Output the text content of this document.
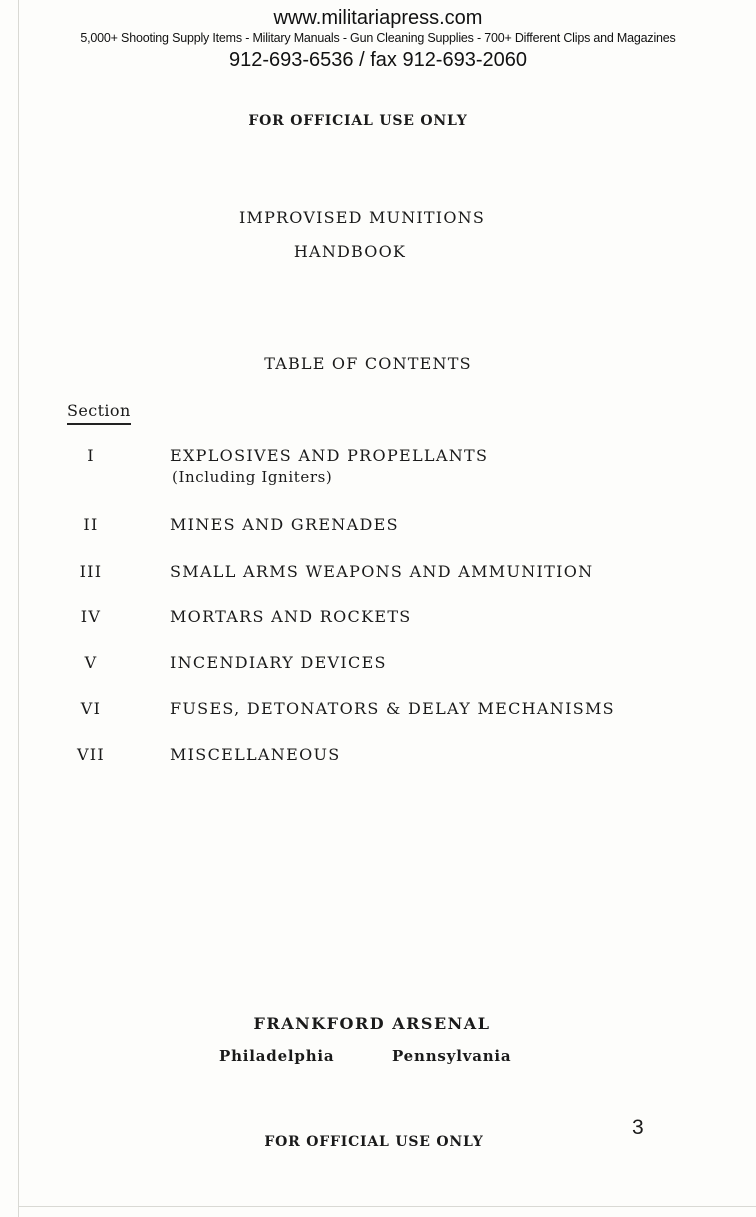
www.militariapress.com
5,000+ Shooting Supply Items - Military Manuals - Gun Cleaning Supplies - 700+ Different Clips and Magazines
912-693-6536 / fax 912-693-2060
FOR OFFICIAL USE ONLY
IMPROVISED MUNITIONS
HANDBOOK
TABLE OF CONTENTS
Section
I	EXPLOSIVES AND PROPELLANTS
(Including Igniters)
II	MINES AND GRENADES
III	SMALL ARMS WEAPONS AND AMMUNITION
IV	MORTARS AND ROCKETS
V	INCENDIARY DEVICES
VI	FUSES, DETONATORS & DELAY MECHANISMS
VII	MISCELLANEOUS
FRANKFORD ARSENAL
Philadelphia	Pennsylvania
3
FOR OFFICIAL USE ONLY
